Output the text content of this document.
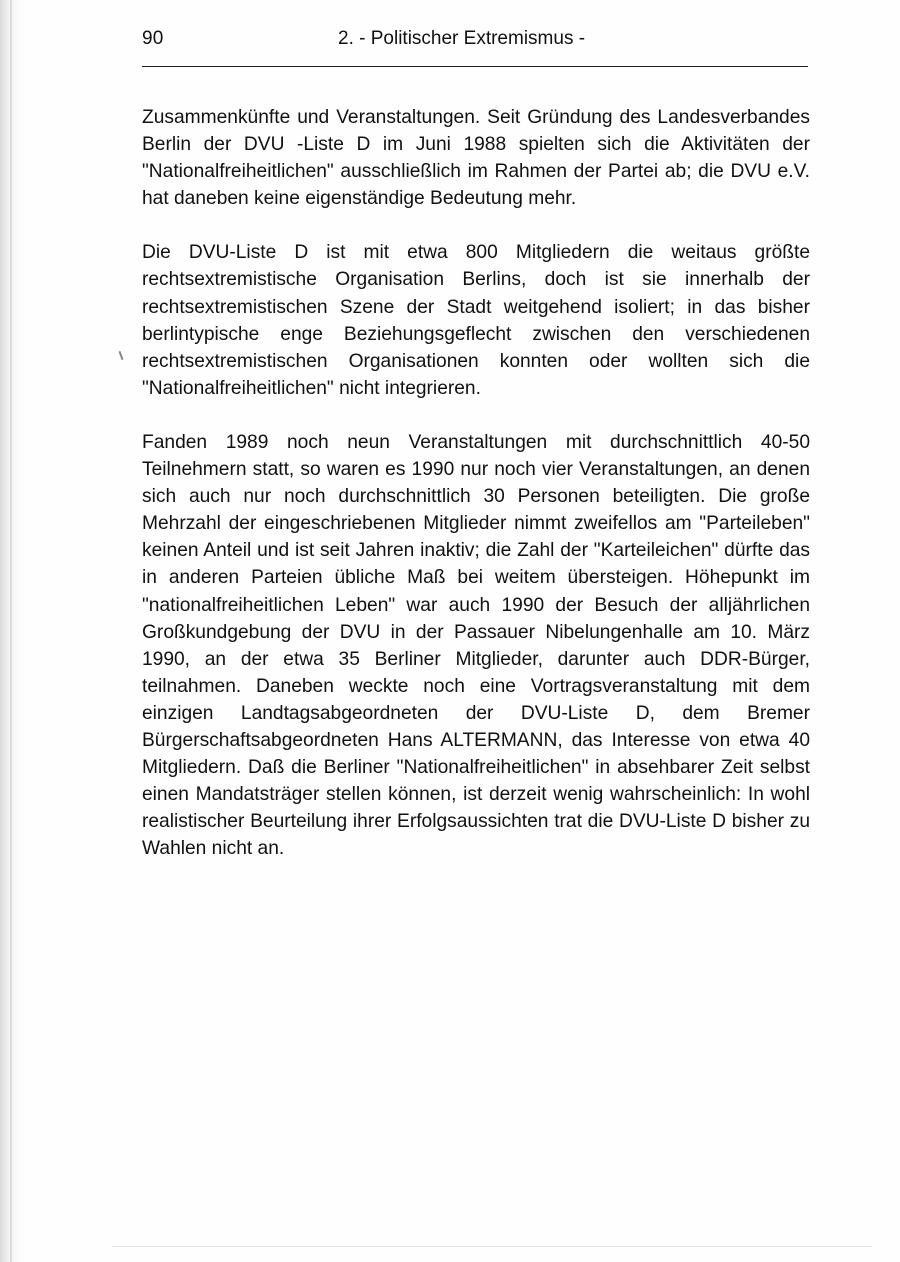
90	2. - Politischer Extremismus -

Zusammenkünfte und Veranstaltungen. Seit Gründung des Landesverbandes Berlin der DVU -Liste D im Juni 1988 spielten sich die Aktivitäten der "Nationalfreiheitlichen" ausschließlich im Rahmen der Partei ab; die DVU e.V. hat daneben keine eigenständige Bedeutung mehr.

Die DVU-Liste D ist mit etwa 800 Mitgliedern die weitaus größte rechtsextremistische Organisation Berlins, doch ist sie innerhalb der rechtsextremistischen Szene der Stadt weitgehend isoliert; in das bisher berlintypische enge Beziehungsgeflecht zwischen den verschiedenen rechtsextremistischen Organisationen konnten oder wollten sich die "Nationalfreiheitlichen" nicht integrieren.

Fanden 1989 noch neun Veranstaltungen mit durchschnittlich 40-50 Teilnehmern statt, so waren es 1990 nur noch vier Veranstaltungen, an denen sich auch nur noch durchschnittlich 30 Personen beteiligten. Die große Mehrzahl der eingeschriebenen Mitglieder nimmt zweifellos am "Parteileben" keinen Anteil und ist seit Jahren inaktiv; die Zahl der "Karteileichen" dürfte das in anderen Parteien übliche Maß bei weitem übersteigen. Höhepunkt im "nationalfreiheitlichen Leben" war auch 1990 der Besuch der alljährlichen Großkundgebung der DVU in der Passauer Nibelungenhalle am 10. März 1990, an der etwa 35 Berliner Mitglieder, darunter auch DDR-Bürger, teilnahmen. Daneben weckte noch eine Vortragsveranstaltung mit dem einzigen Landtagsabgeordneten der DVU-Liste D, dem Bremer Bürgerschaftsabgeordneten Hans ALTERMANN, das Interesse von etwa 40 Mitgliedern. Daß die Berliner "Nationalfreiheitlichen" in absehbarer Zeit selbst einen Mandatsträger stellen können, ist derzeit wenig wahrscheinlich: In wohl realistischer Beurteilung ihrer Erfolgsaussichten trat die DVU-Liste D bisher zu Wahlen nicht an.
